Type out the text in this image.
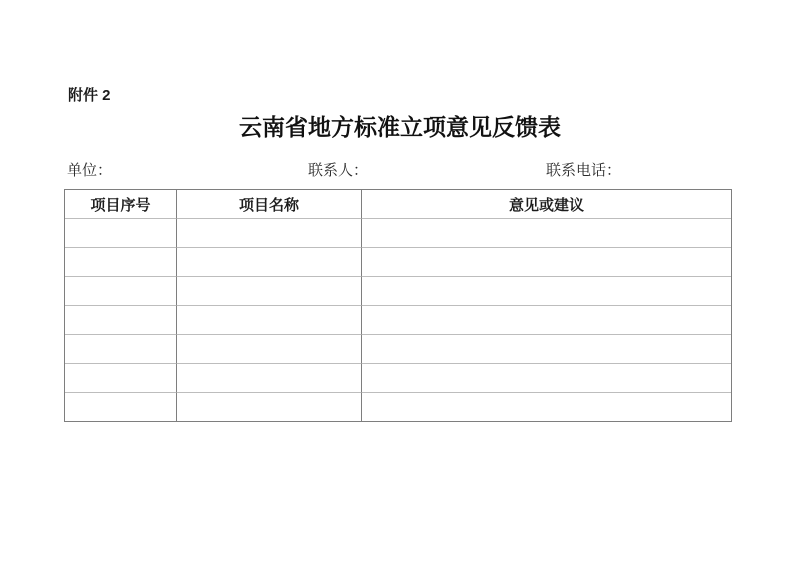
附件 2
云南省地方标准立项意见反馈表
单位：	联系人：	联系电话：
项目序号	项目名称	意见或建议
